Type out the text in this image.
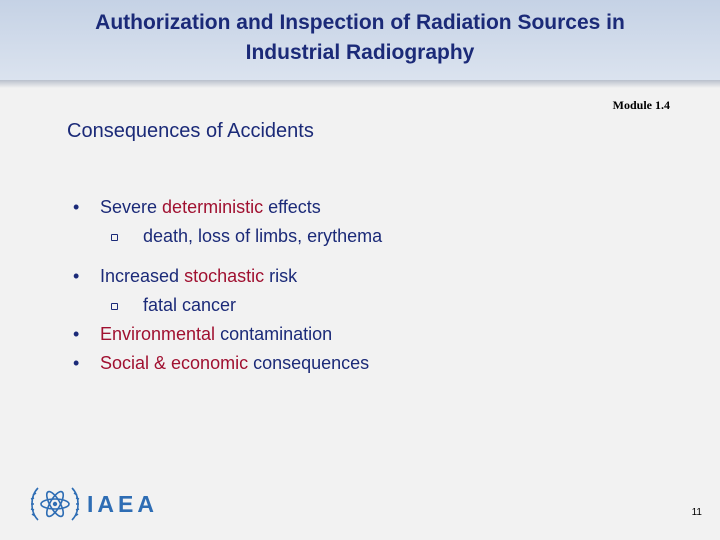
Authorization and Inspection of Radiation Sources in
Industrial Radiography
Module 1.4
Consequences of Accidents
• Severe deterministic effects
death, loss of limbs, erythema
• Increased stochastic risk
fatal cancer
• Environmental contamination
• Social & economic consequences
IAEA	11
